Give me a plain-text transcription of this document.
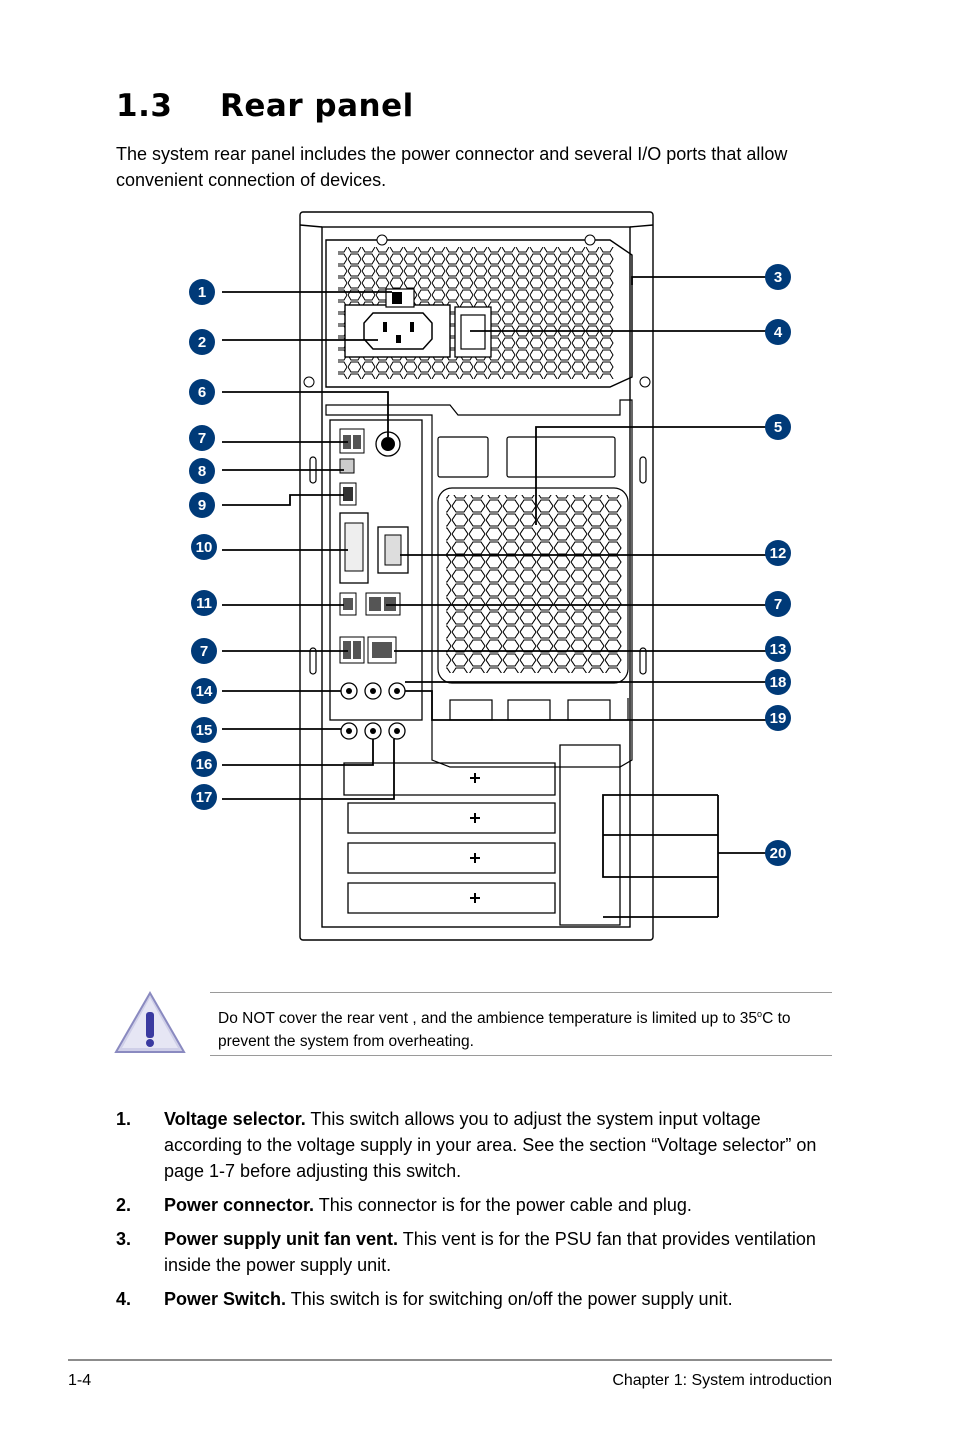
1.3	Rear panel
The system rear panel includes the power connector and several I/O ports that allow convenient connection of devices.
1
2
6
7
8
9
10
11
7
14
15
16
17
3
4
5
12
7
13
18
19
20
Do NOT cover the rear vent , and the ambience temperature is limited up to 35$^o$C to prevent the system from overheating.
1.	Voltage selector. This switch allows you to adjust the system input voltage according to the voltage supply in your area. See the section “Voltage selector” on page 1-7 before adjusting this switch.
2.	Power connector. This connector is for the power cable and plug.
3.	Power supply unit fan vent. This vent is for the PSU fan that provides ventilation inside the power supply unit.
4.	Power Switch. This switch is for switching on/off the power supply unit.
1-4	Chapter 1: System introduction
